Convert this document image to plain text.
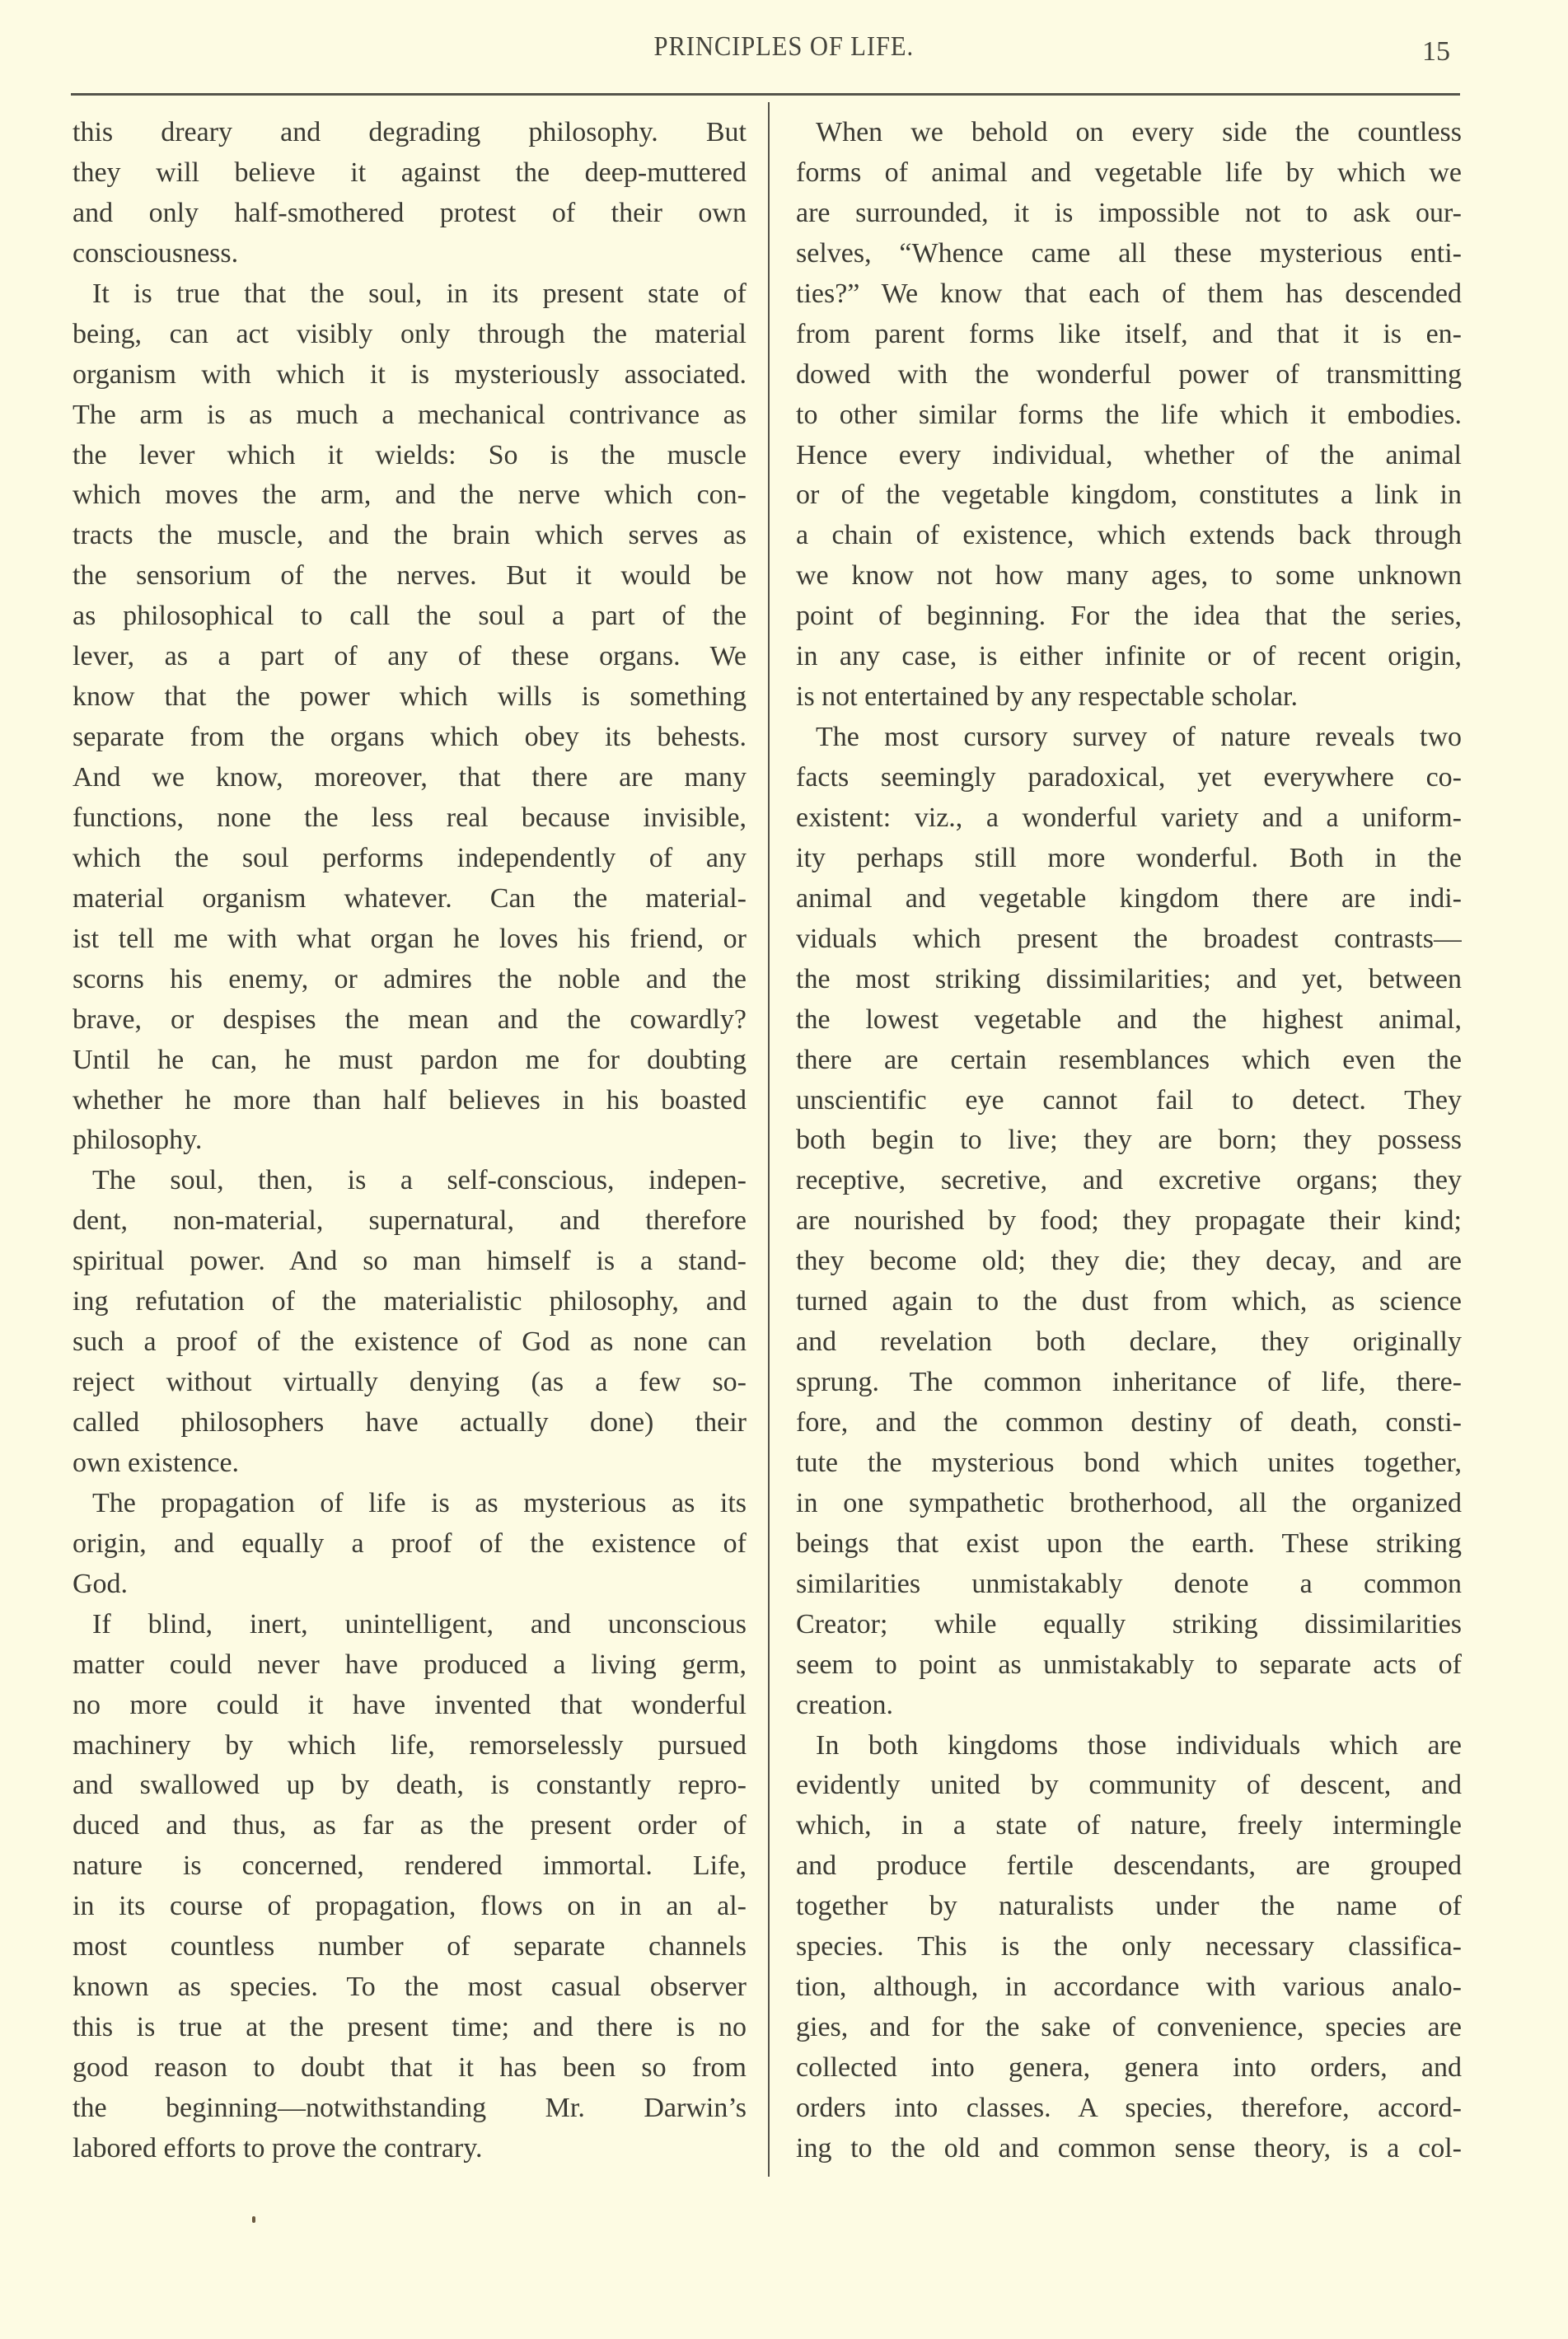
PRINCIPLES OF LIFE.	15
this dreary and degrading philosophy. But
they will believe it against the deep-muttered
and only half-smothered protest of their own
consciousness.
It is true that the soul, in its present state of
being, can act visibly only through the material
organism with which it is mysteriously associated.
The arm is as much a mechanical contrivance as
the lever which it wields: So is the muscle
which moves the arm, and the nerve which con-
tracts the muscle, and the brain which serves as
the sensorium of the nerves. But it would be
as philosophical to call the soul a part of the
lever, as a part of any of these organs. We
know that the power which wills is something
separate from the organs which obey its behests.
And we know, moreover, that there are many
functions, none the less real because invisible,
which the soul performs independently of any
material organism whatever. Can the material-
ist tell me with what organ he loves his friend, or
scorns his enemy, or admires the noble and the
brave, or despises the mean and the cowardly?
Until he can, he must pardon me for doubting
whether he more than half believes in his boasted
philosophy.
The soul, then, is a self-conscious, indepen-
dent, non-material, supernatural, and therefore
spiritual power. And so man himself is a stand-
ing refutation of the materialistic philosophy, and
such a proof of the existence of God as none can
reject without virtually denying (as a few so-
called philosophers have actually done) their
own existence.
The propagation of life is as mysterious as its
origin, and equally a proof of the existence of
God.
If blind, inert, unintelligent, and unconscious
matter could never have produced a living germ,
no more could it have invented that wonderful
machinery by which life, remorselessly pursued
and swallowed up by death, is constantly repro-
duced and thus, as far as the present order of
nature is concerned, rendered immortal. Life,
in its course of propagation, flows on in an al-
most countless number of separate channels
known as species. To the most casual observer
this is true at the present time; and there is no
good reason to doubt that it has been so from
the beginning—notwithstanding Mr. Darwin’s
labored efforts to prove the contrary.
When we behold on every side the countless
forms of animal and vegetable life by which we
are surrounded, it is impossible not to ask our-
selves, “Whence came all these mysterious enti-
ties?” We know that each of them has descended
from parent forms like itself, and that it is en-
dowed with the wonderful power of transmitting
to other similar forms the life which it embodies.
Hence every individual, whether of the animal
or of the vegetable kingdom, constitutes a link in
a chain of existence, which extends back through
we know not how many ages, to some unknown
point of beginning. For the idea that the series,
in any case, is either infinite or of recent origin,
is not entertained by any respectable scholar.
The most cursory survey of nature reveals two
facts seemingly paradoxical, yet everywhere co-
existent: viz., a wonderful variety and a uniform-
ity perhaps still more wonderful. Both in the
animal and vegetable kingdom there are indi-
viduals which present the broadest contrasts—
the most striking dissimilarities; and yet, between
the lowest vegetable and the highest animal,
there are certain resemblances which even the
unscientific eye cannot fail to detect. They
both begin to live; they are born; they possess
receptive, secretive, and excretive organs; they
are nourished by food; they propagate their kind;
they become old; they die; they decay, and are
turned again to the dust from which, as science
and revelation both declare, they originally
sprung. The common inheritance of life, there-
fore, and the common destiny of death, consti-
tute the mysterious bond which unites together,
in one sympathetic brotherhood, all the organized
beings that exist upon the earth. These striking
similarities unmistakably denote a common
Creator; while equally striking dissimilarities
seem to point as unmistakably to separate acts of
creation.
In both kingdoms those individuals which are
evidently united by community of descent, and
which, in a state of nature, freely intermingle
and produce fertile descendants, are grouped
together by naturalists under the name of
species. This is the only necessary classifica-
tion, although, in accordance with various analo-
gies, and for the sake of convenience, species are
collected into genera, genera into orders, and
orders into classes. A species, therefore, accord-
ing to the old and common sense theory, is a col-
